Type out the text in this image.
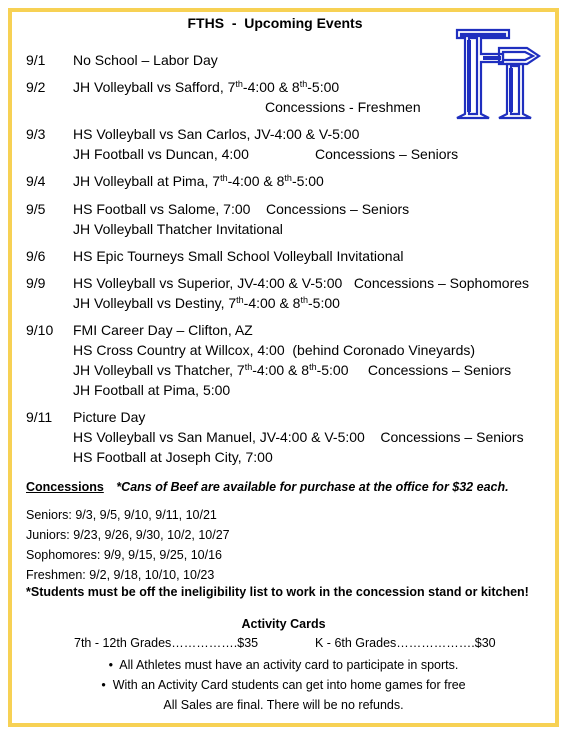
FTHS  -  Upcoming Events
9/1 No School – Labor Day
9/2 JH Volleyball vs Safford, 7th-4:00 & 8th-5:00
Concessions - Freshmen
9/3 HS Volleyball vs San Carlos, JV-4:00 & V-5:00
JH Football vs Duncan, 4:00                 Concessions – Seniors
9/4 JH Volleyball at Pima, 7th-4:00 & 8th-5:00
9/5 HS Football vs Salome, 7:00    Concessions – Seniors
JH Volleyball Thatcher Invitational
9/6 HS Epic Tourneys Small School Volleyball Invitational
9/9 HS Volleyball vs Superior, JV-4:00 & V-5:00   Concessions – Sophomores
JH Volleyball vs Destiny, 7th-4:00 & 8th-5:00
9/10 FMI Career Day – Clifton, AZ
HS Cross Country at Willcox, 4:00  (behind Coronado Vineyards)
JH Volleyball vs Thatcher, 7th-4:00 & 8th-5:00     Concessions – Seniors
JH Football at Pima, 5:00
9/11 Picture Day
HS Volleyball vs San Manuel, JV-4:00 & V-5:00    Concessions – Seniors
HS Football at Joseph City, 7:00
Concessions *Cans of Beef are available for purchase at the office for $32 each.
Seniors: 9/3, 9/5, 9/10, 9/11, 10/21
Juniors: 9/23, 9/26, 9/30, 10/2, 10/27
Sophomores: 9/9, 9/15, 9/25, 10/16
Freshmen: 9/2, 9/18, 10/10, 10/23
*Students must be off the ineligibility list to work in the concession stand or kitchen!
Activity Cards
7th - 12th Grades…………….$35	K - 6th Grades……………….$30
•  All Athletes must have an activity card to participate in sports.
•  With an Activity Card students can get into home games for free
All Sales are final. There will be no refunds.
